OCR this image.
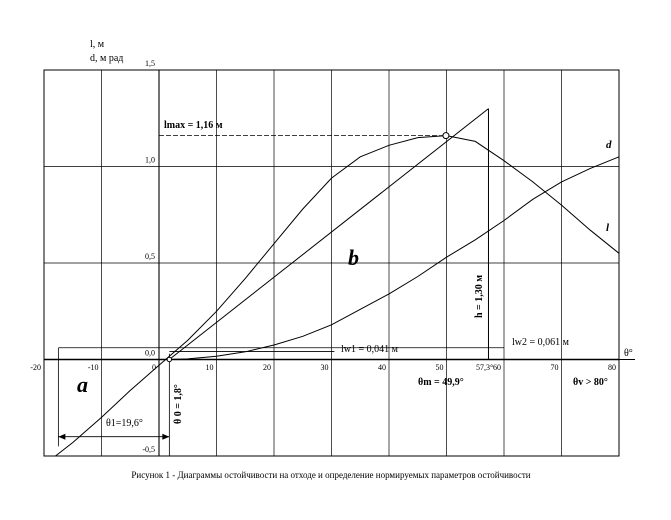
-20	-10	0	10	20	30	40	50	60	70	80
-0,5
0,0
0,5
1,0
1,5
l, м
d, м рад
θ°
a
b
l
d
lmax = 1,16 м
θm = 49,9°	θv > 80°
57,3°
lw1 = 0,041 м
lw2 = 0,061 м
θ1=19,6°	θ 0 = 1,8°
h = 1,30 м
Рисунок 1 - Диаграммы остойчивости на отходе и определение нормируемых параметров остойчивости
